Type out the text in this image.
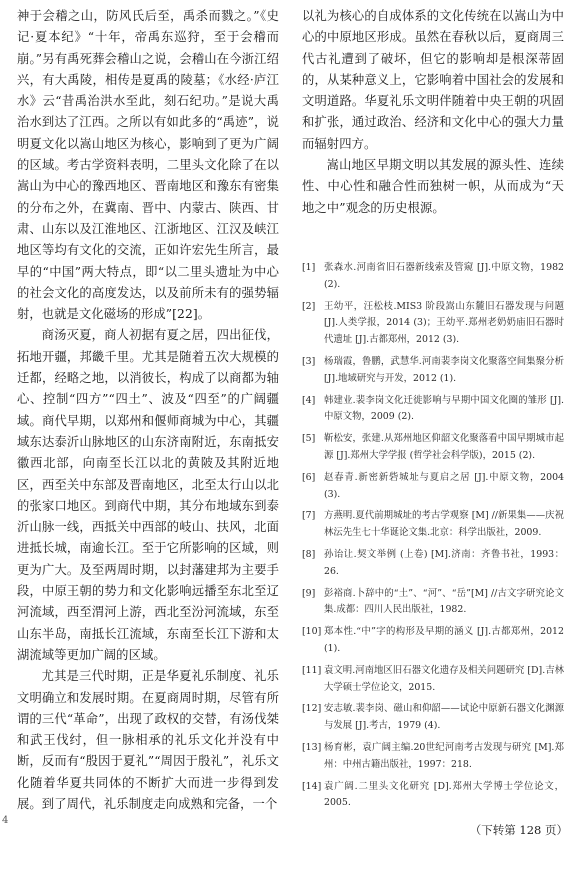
神于会稽之山，防风氏后至，禹杀而戮之。”《史记·夏本纪》“十年，帝禹东巡狩，至于会稽而崩。”另有禹死葬会稽山之说，会稽山在今浙江绍兴，有大禹陵，相传是夏禹的陵墓；《水经·庐江水》云“昔禹治洪水至此，刻石纪功。”是说大禹治水到达了江西。之所以有如此多的“禹迹”，说明夏文化以嵩山地区为核心，影响到了更为广阔的区域。考古学资料表明，二里头文化除了在以嵩山为中心的豫西地区、晋南地区和豫东有密集的分布之外，在冀南、晋中、内蒙古、陕西、甘肃、山东以及江淮地区、江浙地区、江汉及峡江地区等均有文化的交流，正如许宏先生所言，最早的“中国”两大特点，即“以二里头遗址为中心的社会文化的高度发达，以及前所未有的强势辐射，也就是文化磁场的形成”[22]。

商汤灭夏，商人初据有夏之居，四出征伐，拓地开疆，邦畿千里。尤其是随着五次大规模的迁都，经略之地，以消彼长，构成了以商都为轴心、控制“四方”“四土”、波及“四至”的广阔疆域。商代早期，以郑州和偃师商城为中心，其疆域东达泰沂山脉地区的山东济南附近，东南抵安徽西北部，向南至长江以北的黄陂及其附近地区，西至关中东部及晋南地区，北至太行山以北的张家口地区。到商代中期，其分布地域东到泰沂山脉一线，西抵关中西部的岐山、扶风，北面进抵长城，南逾长江。至于它所影响的区域，则更为广大。及至两周时期，以封藩建邦为主要手段，中原王朝的势力和文化影响远播至东北至辽河流域，西至渭河上游，西北至汾河流域，东至山东半岛，南抵长江流域，东南至长江下游和太湖流域等更加广阔的区域。

尤其是三代时期，正是华夏礼乐制度、礼乐文明确立和发展时期。在夏商周时期，尽管有所谓的三代“革命”，出现了政权的交替，有汤伐桀和武王伐纣，但一脉相承的礼乐文化并没有中断，反而有“殷因于夏礼”“周因于殷礼”，礼乐文化随着华夏共同体的不断扩大而进一步得到发展。到了周代，礼乐制度走向成熟和完备，一个

以礼为核心的自成体系的文化传统在以嵩山为中心的中原地区形成。虽然在春秋以后，夏商周三代古礼遭到了破坏，但它的影响却是根深蒂固的，从某种意义上，它影响着中国社会的发展和文明道路。华夏礼乐文明伴随着中央王朝的巩固和扩张，通过政治、经济和文化中心的强大力量而辐射四方。

嵩山地区早期文明以其发展的源头性、连续性、中心性和融合性而独树一帜，从而成为“天地之中”观念的历史根源。

[1] 张森水.河南省旧石器新线索及管窥 [J].中原文物，1982 (2).
[2] 王幼平，汪松枝.MIS3 阶段嵩山东麓旧石器发现与问题 [J].人类学报，2014 (3)；王幼平.郑州老奶奶庙旧石器时代遗址 [J].古都郑州，2012 (3).
[3] 杨瑞霞，鲁鹏，武慧华.河南裴李岗文化聚落空间集聚分析 [J].地域研究与开发，2012 (1).
[4] 韩建业.裴李岗文化迁徙影响与早期中国文化圈的雏形 [J].中原文物，2009 (2).
[5] 靳松安，张建.从郑州地区仰韶文化聚落看中国早期城市起源 [J].郑州大学学报 (哲学社会科学版)，2015 (2).
[6] 赵春青.新密新砦城址与夏启之居 [J].中原文物，2004 (3).
[7] 方燕明.夏代前期城址的考古学观察 [M] //新果集——庆祝林沄先生七十华诞论文集.北京：科学出版社，2009.
[8] 孙诒让.契文举例 (上卷) [M].济南：齐鲁书社，1993：26.
[9] 彭裕商.卜辞中的“土”、“河”、“岳”[M] //古文字研究论文集.成都：四川人民出版社，1982.
[10] 郑本性.“中”字的构形及早期的涵义 [J].古都郑州，2012 (1).
[11] 袁文明.河南地区旧石器文化遗存及相关问题研究 [D].吉林大学硕士学位论文，2015.
[12] 安志敏.裴李岗、磁山和仰韶——试论中原新石器文化渊源与发展 [J].考古，1979 (4).
[13] 杨育彬，袁广阔主编.20世纪河南考古发现与研究 [M].郑州：中州古籍出版社，1997：218.
[14] 袁广阔.二里头文化研究 [D].郑州大学博士学位论文，2005.
4
（下转第 128 页）
